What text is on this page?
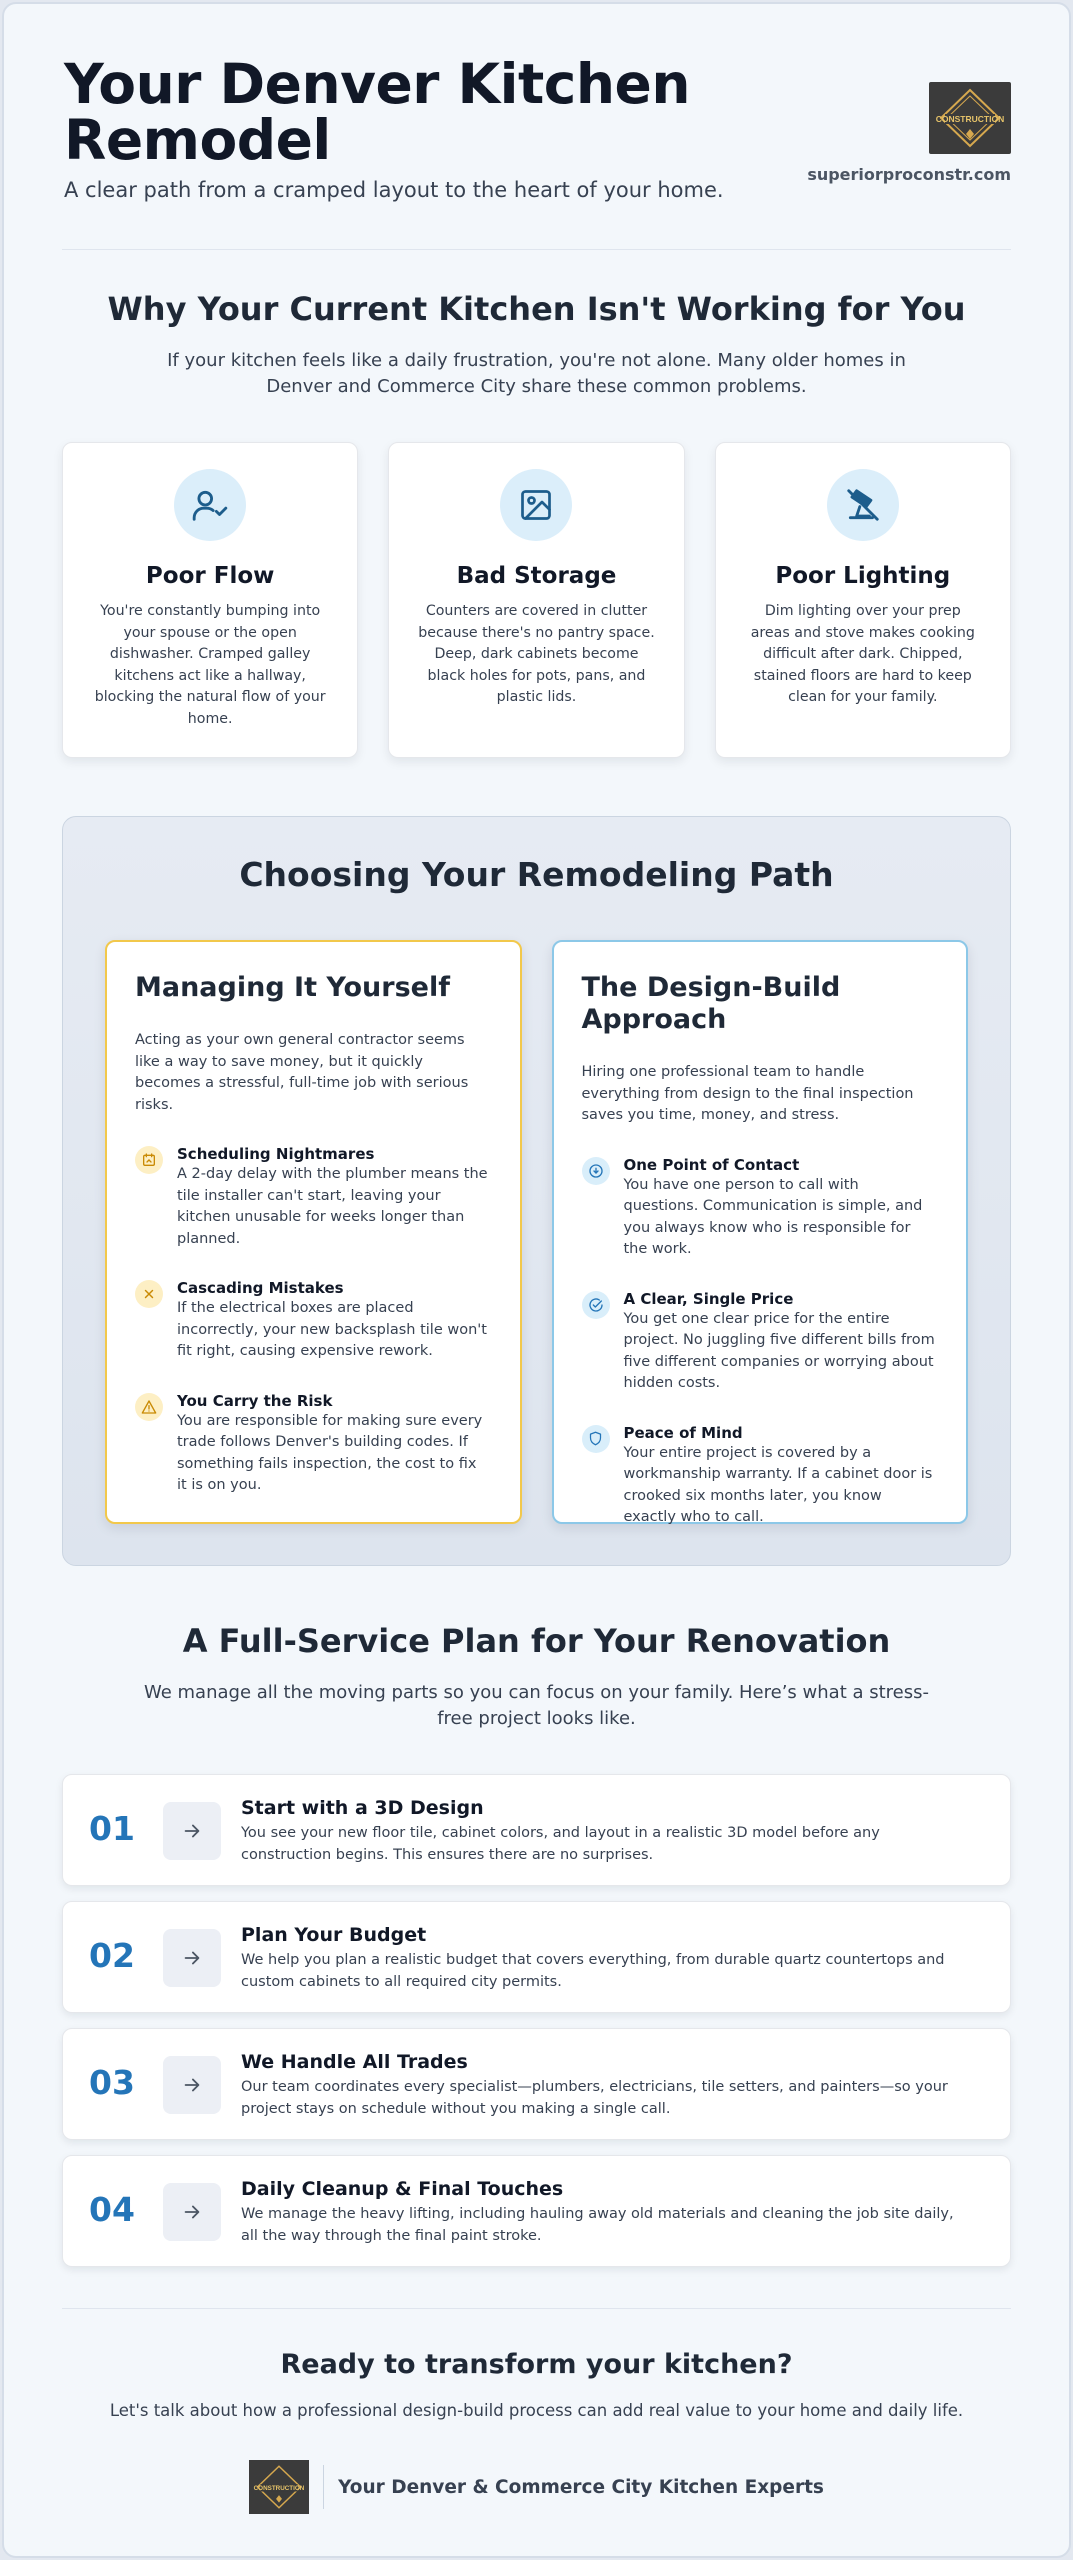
Your Denver Kitchen Remodel

A clear path from a cramped layout to the heart of your home.

CONSTRUCTION
superiorproconstr.com
Why Your Current Kitchen Isn't Working for You

If your kitchen feels like a daily frustration, you're not alone. Many older homes in Denver and Commerce City share these common problems.

Poor Flow
You're constantly bumping into your spouse or the open dishwasher. Cramped galley kitchens act like a hallway, blocking the natural flow of your home.
Bad Storage
Counters are covered in clutter because there's no pantry space. Deep, dark cabinets become black holes for pots, pans, and plastic lids.
Poor Lighting
Dim lighting over your prep areas and stove makes cooking difficult after dark. Chipped, stained floors are hard to keep clean for your family.
Choosing Your Remodeling Path
Managing It Yourself
Acting as your own general contractor seems like a way to save money, but it quickly becomes a stressful, full-time job with serious risks.
Scheduling Nightmares
A 2-day delay with the plumber means the tile installer can't start, leaving your kitchen unusable for weeks longer than planned.
Cascading Mistakes
If the electrical boxes are placed incorrectly, your new backsplash tile won't fit right, causing expensive rework.
You Carry the Risk
You are responsible for making sure every trade follows Denver's building codes. If something fails inspection, the cost to fix it is on you.
The Design-Build Approach
Hiring one professional team to handle everything from design to the final inspection saves you time, money, and stress.
One Point of Contact
You have one person to call with questions. Communication is simple, and you always know who is responsible for the work.
A Clear, Single Price
You get one clear price for the entire project. No juggling five different bills from five different companies or worrying about hidden costs.
Peace of Mind
Your entire project is covered by a workmanship warranty. If a cabinet door is crooked six months later, you know exactly who to call.
A Full-Service Plan for Your Renovation

We manage all the moving parts so you can focus on your family. Here’s what a stress-free project looks like.

01
Start with a 3D Design
You see your new floor tile, cabinet colors, and layout in a realistic 3D model before any construction begins. This ensures there are no surprises.
02
Plan Your Budget
We help you plan a realistic budget that covers everything, from durable quartz countertops and custom cabinets to all required city permits.
03
We Handle All Trades
Our team coordinates every specialist—plumbers, electricians, tile setters, and painters—so your project stays on schedule without you making a single call.
04
Daily Cleanup & Final Touches
We manage the heavy lifting, including hauling away old materials and cleaning the job site daily, all the way through the final paint stroke.
Ready to transform your kitchen?

Let's talk about how a professional design-build process can add real value to your home and daily life.

CONSTRUCTION Your Denver & Commerce City Kitchen Experts
